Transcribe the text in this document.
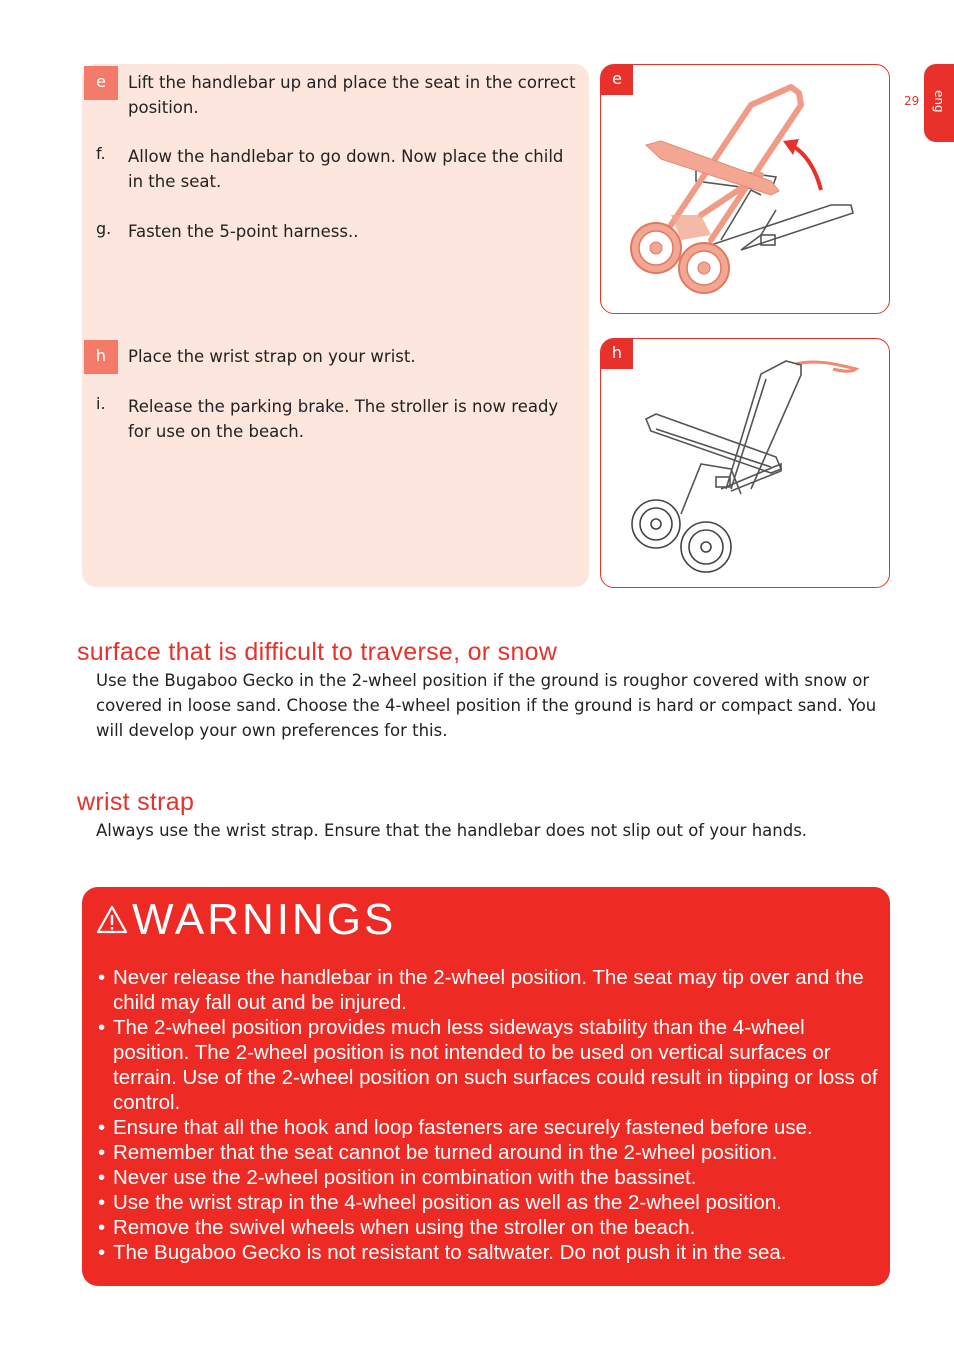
eng
29
e	Lift the handlebar up and place the seat in the correct position.
f. Allow the handlebar to go down. Now place the child in the seat.
g. Fasten the 5-point harness..
h	Place the wrist strap on your wrist.
i. Release the parking brake. The stroller is now ready for use on the beach.
e
h
surface that is difficult to traverse, or snow
Use the Bugaboo Gecko in the 2-wheel position if the ground is roughor covered with snow or covered in loose sand. Choose the 4-wheel position if the ground is hard or compact sand. You will develop your own preferences for this.
wrist strap
Always use the wrist strap. Ensure that the handlebar does not slip out of your hands.
WARNINGS
• Never release the handlebar in the 2-wheel position. The seat may tip over and the child may fall out and be injured.
• The 2-wheel position provides much less sideways stability than the 4-wheel position. The 2-wheel position is not intended to be used on vertical surfaces or terrain. Use of the 2-wheel position on such surfaces could result in tipping or loss of control.
• Ensure that all the hook and loop fasteners are securely fastened before use.
• Remember that the seat cannot be turned around in the 2-wheel position.
• Never use the 2-wheel position in combination with the bassinet.
• Use the wrist strap in the 4-wheel position as well as the 2-wheel position.
• Remove the swivel wheels when using the stroller on the beach.
• The Bugaboo Gecko is not resistant to saltwater. Do not push it in the sea.
